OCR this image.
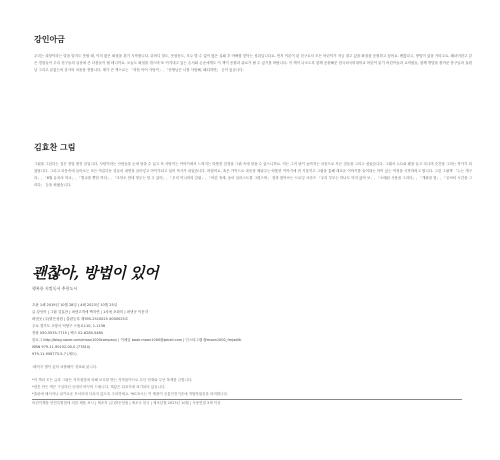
강인아금

우리는 희망이라는 말을 말지도 못할 때, 이미 많은 좌절을 겪기 시작합니다. 뒤어디 말도, 못참음도, 모두 별 수 없이 많은 실패 후 아빠를 맞닥는 성취입니다요. 먼저 이론이 된 친구로서 모든 어린이가 자금 겪고 있을 좌절을 응원하고 싶어요. 괜찮다고, 방법이 있을 거라고요. 쾌녀어한고 같은 경험들이 우리 친구들의 일상에 큰 다짐들이 될 테니까요. 오늘도 좌절을 겪으며 또 이겨내고 있는 손서와 손준에게도 이 책이 응원과 위로가 될 수 있기를 바랍니다. 이 책이 나오도록 함께 응원해준 한국외국어대학교 어린이 읽기 어린이들과 교직원들, 함께 방법을 찾아준 봉구님과 효원님 그리고 끝없는의 감사의 마음을 전합니다. 제가 큰 책으로는 「착한 아이 사탕이」, 「선생님은 너를 사랑해, 패티하면」 등이 있습니다.

김효찬 그림

그림을 그린다는 것은 정말 멋진 일입니다. 사람이라는 사람들을 눈에 담을 수 있고 또 사람이는 이야기에서 느껴지는 따뜻한 감정을 그림 속에 담을 수 있으니까요. 저는 그저 날이 높아지는 마음으로 모든 것들을 그리고 싶었습니다. 그래서 노트와 펜을 들고 다니며 순간을 그리는 작가가 되었답니다. 그리고 마음속에 들어오는 모든 아름다운 것들의 내면을 끌어넣고 아이가되고 싶어 작가가 되었습니다. 어렸어요, 혹은 가이드로 마음을 채워주는 따뜻한 이야기에 귀 기울이고 그림을 통해 새로운 이야기를 들어내는 아이 있는 여정을 시작하려고 합니다. 그린 그림책 「누는 개구리」, 「8월 유육의 학교」, 「별교를 쫓한 하다」, 「초딩도 만대 멍우는 맘 수 있어」, 「우리 이니어의 갈림」, 「어린 정세, 둥마 일러스트를 그렸으며」 잠과 찾아쓰는 드로잉 시리즈 「우리 부모는 하나도 먹지 않아 보」, 「오래된 사용을 그리다」, 「개화된 함」, 「공씨의 시간을 그리다」 등을 펴냈습니다.

괜찮아, 방법이 있어
행복한 지킴독서 추천도서

초판 1쇄 2019년 10월 28일 | 4쇄 2023년 10월 25일

글 강인아 | 그림 김효찬 | 펴낸고객에 백지연 | 1차에 포화미 | 펴낸곳 이문각

펴낸곳 (주)밝은성원 | 출판등록 제395-2510025 X000025호

주소 경기도 고양시 덕양구 으뜸로110, 1-1236

전화 050-5535-7715 | 팩스 02-6280-5480

블로그 http://blog.naver.com/moon1000company | 이메일 book.moon1000@gmail.com | 인스타그램 @moon1000_fmjadlik

ISBN 979-11-90152-00-0 (77810)

979-11-956773-5-7 (세트)

·페덕지 행이 있어 쇠팔해이 정표와 잃니다.

*이 책의 모든 글과 그림은 저작권법에 의해 보호를 받는 저작물이므로 무단 전재와 무단 복제를 금합니다.

*잘못 만든 책은 구입하신 곳에서 바꾸어 드립니다. 책값은 뒤표지에 표기되어 있습니다.

*출판에 배서자나 날카로운 모서리에 다치지 않도록 주의하세요. *KC표시는 이 제품이 공통인전기준에 적합하였음을 의미합니다.

어린이제품 안전특별법에 의한 제품 표시 | 제조자 (주)밝은성원 | 제조국 한국 | 제조년월 2023년 10월 | 사용연령 3세 이상
